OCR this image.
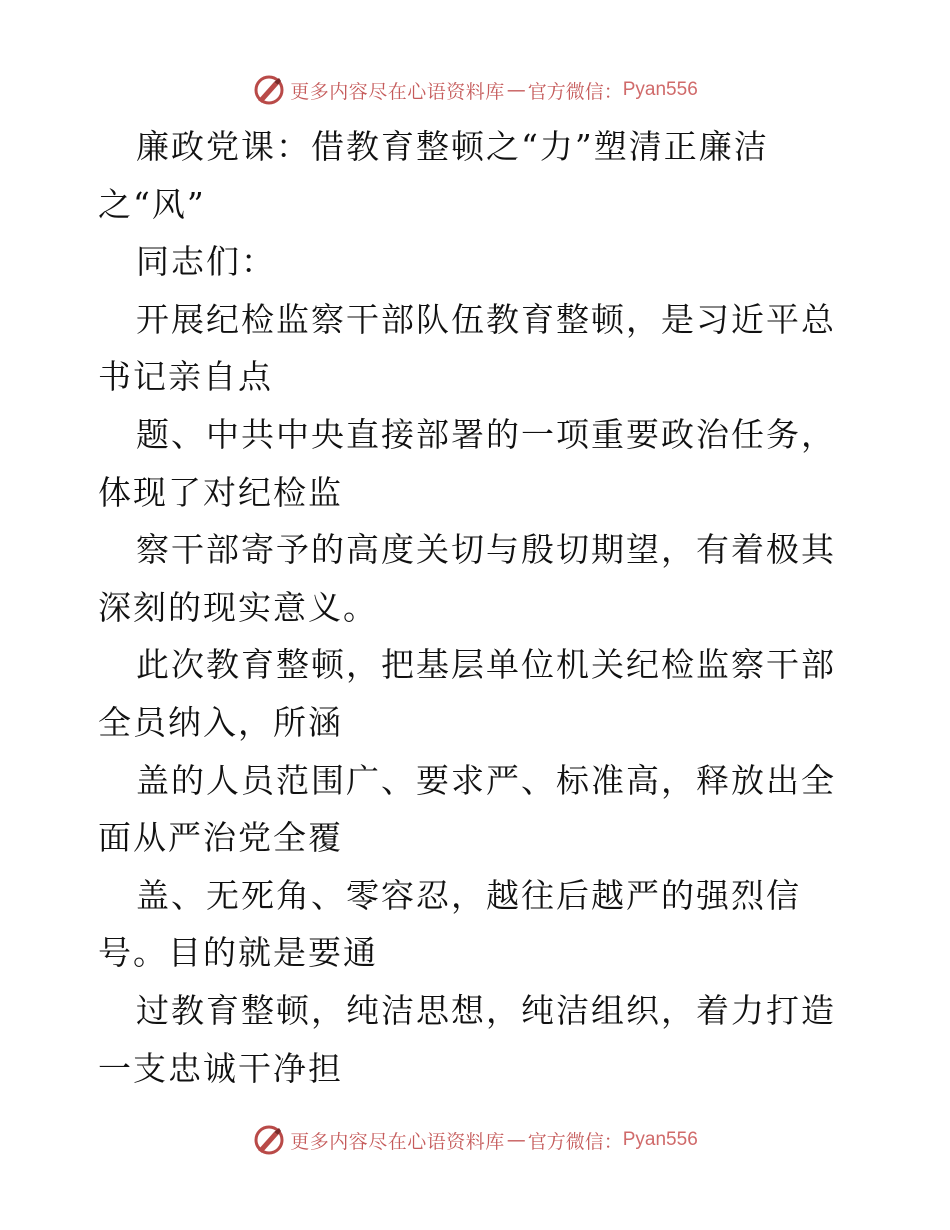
更多内容尽在心语资料库 — 官方微信： Pyan556

廉政党课：借教育整顿之“力”塑清正廉洁
之“风”

同志们：

开展纪检监察干部队伍教育整顿，是习近平总书记亲自点

题、中共中央直接部署的一项重要政治任务，体现了对纪检监

察干部寄予的高度关切与殷切期望，有着极其深刻的现实意义。

此次教育整顿，把基层单位机关纪检监察干部全员纳入，所涵

盖的人员范围广、要求严、标准高，释放出全面从严治党全覆

盖、无死角、零容忍，越往后越严的强烈信号。目的就是要通

过教育整顿，纯洁思想，纯洁组织，着力打造一支忠诚干净担

更多内容尽在心语资料库 — 官方微信： Pyan556
